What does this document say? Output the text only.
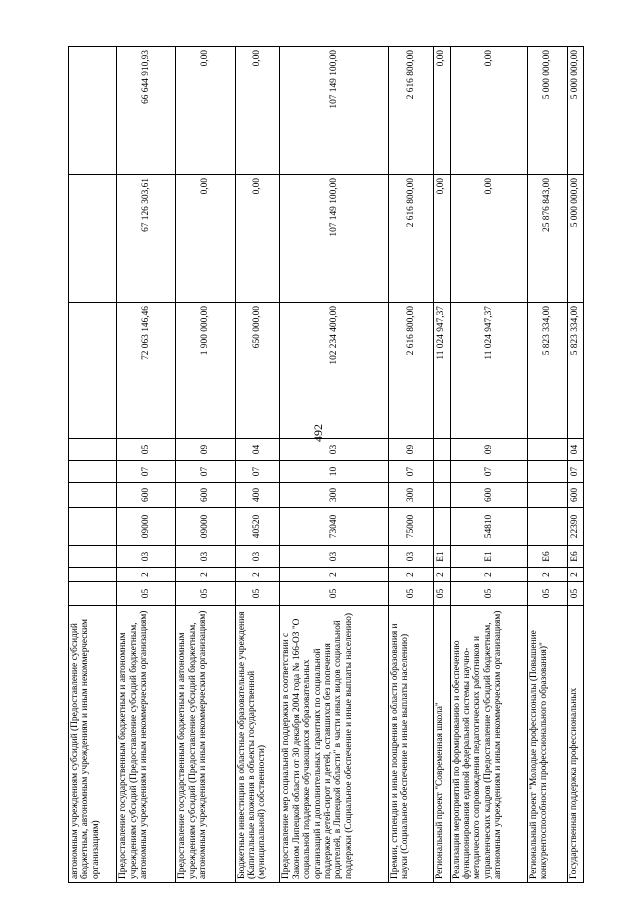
492
автономным учреждениям субсидий (Предоставление субсидий бюджетным, автономным учреждениям и иным некоммерческим организациям)										
Предоставление государственным бюджетным и автономным учреждениям субсидий (Предоставление субсидий бюджетным, автономным учреждениям и иным некоммерческим организациям)	05	2	03	09000	600	07	05	72 063 146,46	67 126 303,61	66 644 910,93
Предоставление государственным бюджетным и автономным учреждениям субсидий (Предоставление субсидий бюджетным, автономным учреждениям и иным некоммерческим организациям)	05	2	03	09000	600	07	09	1 900 000,00	0,00	0,00
Бюджетные инвестиции в областные образовательные учреждения (Капитальные вложения в объекты государственной (муниципальной) собственности)	05	2	03	40520	400	07	04	650 000,00	0,00	0,00
Предоставление мер социальной поддержки в соответствии с Законом Липецкой области от 30 декабря 2004 года № 166-ОЗ "О социальной поддержке обучающихся образовательных организаций и дополнительных гарантиях по социальной поддержке детей-сирот и детей, оставшихся без попечения родителей, в Липецкой области" в части иных видов социальной поддержки (Социальное обеспечение и иные выплаты населению)	05	2	03	73040	300	10	03	102 234 400,00	107 149 100,00	107 149 100,00
Премии, стипендии и иные поощрения в области образования и науки (Социальное обеспечение и иные выплаты населению)	05	2	03	75000	300	07	09	2 616 800,00	2 616 800,00	2 616 800,00
Региональный проект "Современная школа"	05	2	E1					11 024 947,37	0,00	0,00
Реализация мероприятий по формированию и обеспечению функционирования единой федеральной системы научно-методического сопровождения педагогических работников и управленческих кадров (Предоставление субсидий бюджетным, автономным учреждениям и иным некоммерческим организациям)	05	2	E1	54810	600	07	09	11 024 947,37	0,00	0,00
Региональный проект "Молодые профессионалы (Повышение конкурентоспособности профессионального образования)"	05	2	E6					5 823 334,00	25 876 843,00	5 000 000,00
Государственная поддержка профессиональных	05	2	E6	22390	600	07	04	5 823 334,00	5 000 000,00	5 000 000,00
